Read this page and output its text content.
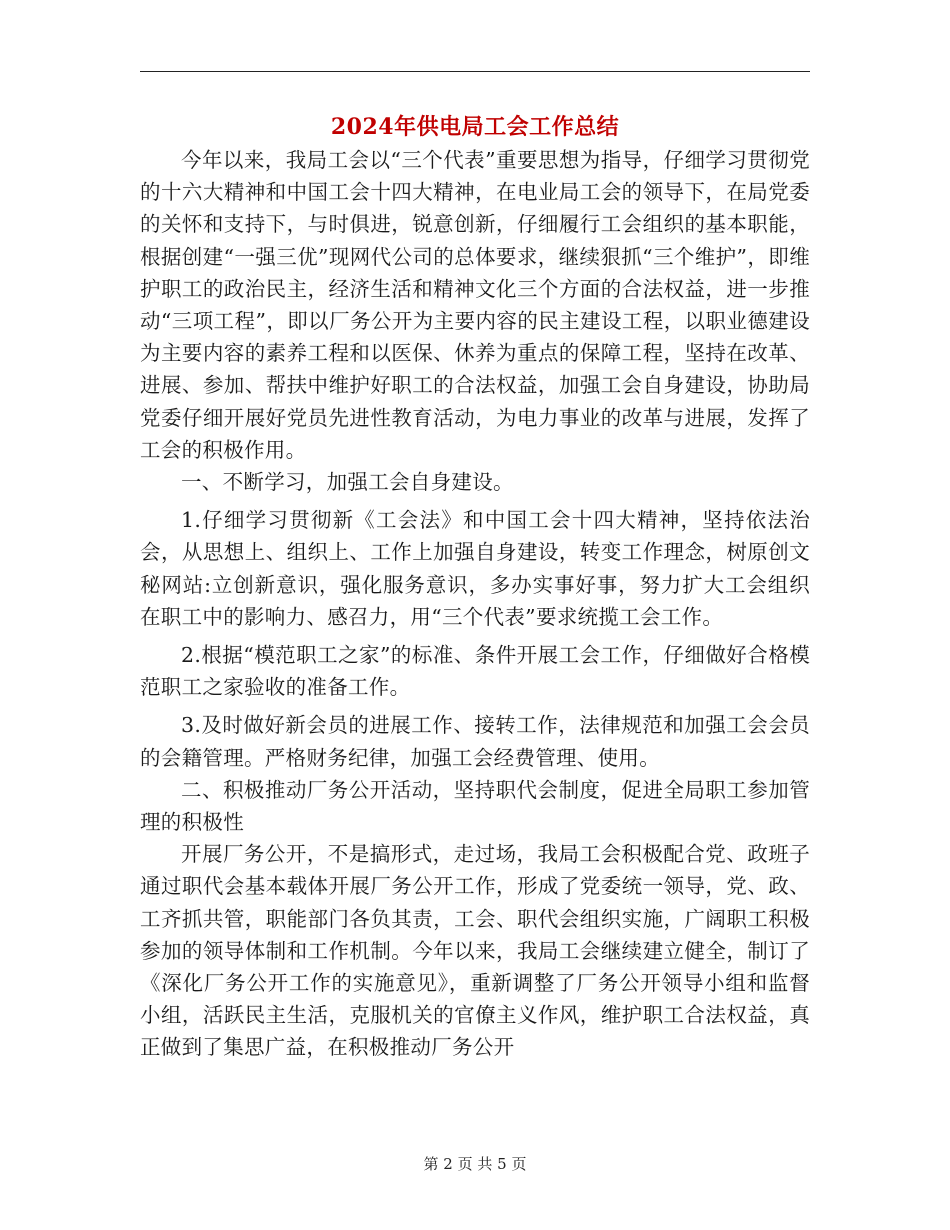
2024年供电局工会工作总结

今年以来，我局工会以“三个代表”重要思想为指导，仔细学习贯彻党的十六大精神和中国工会十四大精神，在电业局工会的领导下，在局党委的关怀和支持下，与时俱进，锐意创新，仔细履行工会组织的基本职能，根据创建“一强三优”现网代公司的总体要求，继续狠抓“三个维护”，即维护职工的政治民主，经济生活和精神文化三个方面的合法权益，进一步推动“三项工程”，即以厂务公开为主要内容的民主建设工程，以职业德建设为主要内容的素养工程和以医保、休养为重点的保障工程，坚持在改革、进展、参加、帮扶中维护好职工的合法权益，加强工会自身建设，协助局党委仔细开展好党员先进性教育活动，为电力事业的改革与进展，发挥了工会的积极作用。

一、不断学习，加强工会自身建设。

1.仔细学习贯彻新《工会法》和中国工会十四大精神，坚持依法治会，从思想上、组织上、工作上加强自身建设，转变工作理念，树原创文秘网站:立创新意识，强化服务意识，多办实事好事，努力扩大工会组织在职工中的影响力、感召力，用“三个代表”要求统揽工会工作。

2.根据“模范职工之家”的标准、条件开展工会工作，仔细做好合格模范职工之家验收的准备工作。

3.及时做好新会员的进展工作、接转工作，法律规范和加强工会会员的会籍管理。严格财务纪律，加强工会经费管理、使用。

二、积极推动厂务公开活动，坚持职代会制度，促进全局职工参加管理的积极性

开展厂务公开，不是搞形式，走过场，我局工会积极配合党、政班子通过职代会基本载体开展厂务公开工作，形成了党委统一领导，党、政、工齐抓共管，职能部门各负其责，工会、职代会组织实施，广阔职工积极参加的领导体制和工作机制。今年以来，我局工会继续建立健全，制订了《深化厂务公开工作的实施意见》，重新调整了厂务公开领导小组和监督小组，活跃民主生活，克服机关的官僚主义作风，维护职工合法权益，真正做到了集思广益，在积极推动厂务公开

第 2 页 共 5 页
